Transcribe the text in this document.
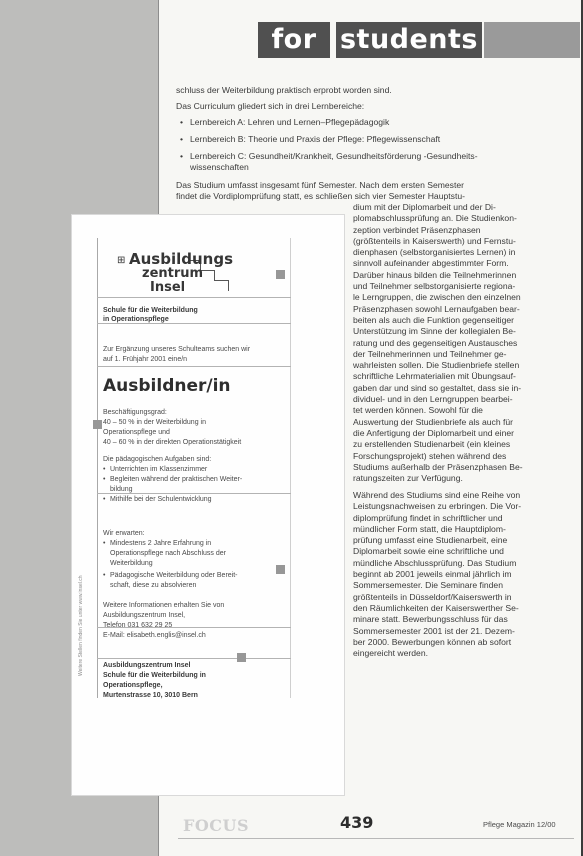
for students
schluss der Weiterbildung praktisch erprobt worden sind.
Das Curriculum gliedert sich in drei Lernbereiche:
• Lernbereich A: Lehren und Lernen–Pflegepädagogik
• Lernbereich B: Theorie und Praxis der Pflege: Pflegewissenschaft
• Lernbereich C: Gesundheit/Krankheit, Gesundheitsförderung -Gesundheits-
wissenschaften
Das Studium umfasst insgesamt fünf Semester. Nach dem ersten Semester
findet die Vordiplomprüfung statt, es schließen sich vier Semester Hauptstu-
dium mit der Diplomarbeit und der Di-
plomabschlussprüfung an. Die Studienkon-
zeption verbindet Präsenzphasen
(größtenteils in Kaiserswerth) und Fernstu-
dienphasen (selbstorganisiertes Lernen) in
sinnvoll aufeinander abgestimmter Form.
Darüber hinaus bilden die Teilnehmerinnen
und Teilnehmer selbstorganisierte regiona-
le Lerngruppen, die zwischen den einzelnen
Präsenzphasen sowohl Lernaufgaben bear-
beiten als auch die Funktion gegenseitiger
Unterstützung im Sinne der kollegialen Be-
ratung und des gegenseitigen Austausches
der Teilnehmerinnen und Teilnehmer ge-
wahrleisten sollen. Die Studienbriefe stellen
schriftliche Lehrmaterialien mit Übungsauf-
gaben dar und sind so gestaltet, dass sie in-
dividuel- und in den Lerngruppen bearbei-
tet werden können. Sowohl für die
Auswertung der Studienbriefe als auch für
die Anfertigung der Diplomarbeit und einer
zu erstellenden Studienarbeit (ein kleines
Forschungsprojekt) stehen während des
Studiums außerhalb der Präsenzphasen Be-
ratungszeiten zur Verfügung.
Während des Studiums sind eine Reihe von
Leistungsnachweisen zu erbringen. Die Vor-
diplomprüfung findet in schriftlicher und
mündlicher Form statt, die Hauptdiplom-
prüfung umfasst eine Studienarbeit, eine
Diplomarbeit sowie eine schriftliche und
mündliche Abschlussprüfung. Das Studium
beginnt ab 2001 jeweils einmal jährlich im
Sommersemester. Die Seminare finden
größtenteils in Düsseldorf/Kaiserswerth in
den Räumlichkeiten der Kaiserswerther Se-
minare statt. Bewerbungsschluss für das
Sommersemester 2001 ist der 21. Dezem-
ber 2000. Bewerbungen können ab sofort
eingereicht werden.
⊞ Ausbildungs
zentrum
Insel
Schule für die Weiterbildung
in Operationspflege
Zur Ergänzung unseres Schulteams suchen wir
auf 1. Frühjahr 2001 eine/n
Ausbildner/in
Beschäftigungsgrad:
40 – 50 % in der Weiterbildung in
Operationspflege und
40 – 60 % in der direkten Operationstätigkeit
Die pädagogischen Aufgaben sind:
• Unterrichten im Klassenzimmer
• Begleiten während der praktischen Weiter-
bildung
• Mithilfe bei der Schulentwicklung
Wir erwarten:
• Mindestens 2 Jahre Erfahrung in
Operationspflege nach Abschluss der
Weiterbildung
• Pädagogische Weiterbildung oder Bereit-
schaft, diese zu absolvieren
Weitere Informationen erhalten Sie von
Ausbildungszentrum Insel,
Telefon 031 632 29 25
E-Mail: elisabeth.englis@insel.ch
Ausbildungszentrum Insel
Schule für die Weiterbildung in
Operationspflege,
Murtenstrasse 10, 3010 Bern
Weitere Stellen finden Sie unter www.insel.ch
FOCUS	439	Pflege Magazin 12/00
